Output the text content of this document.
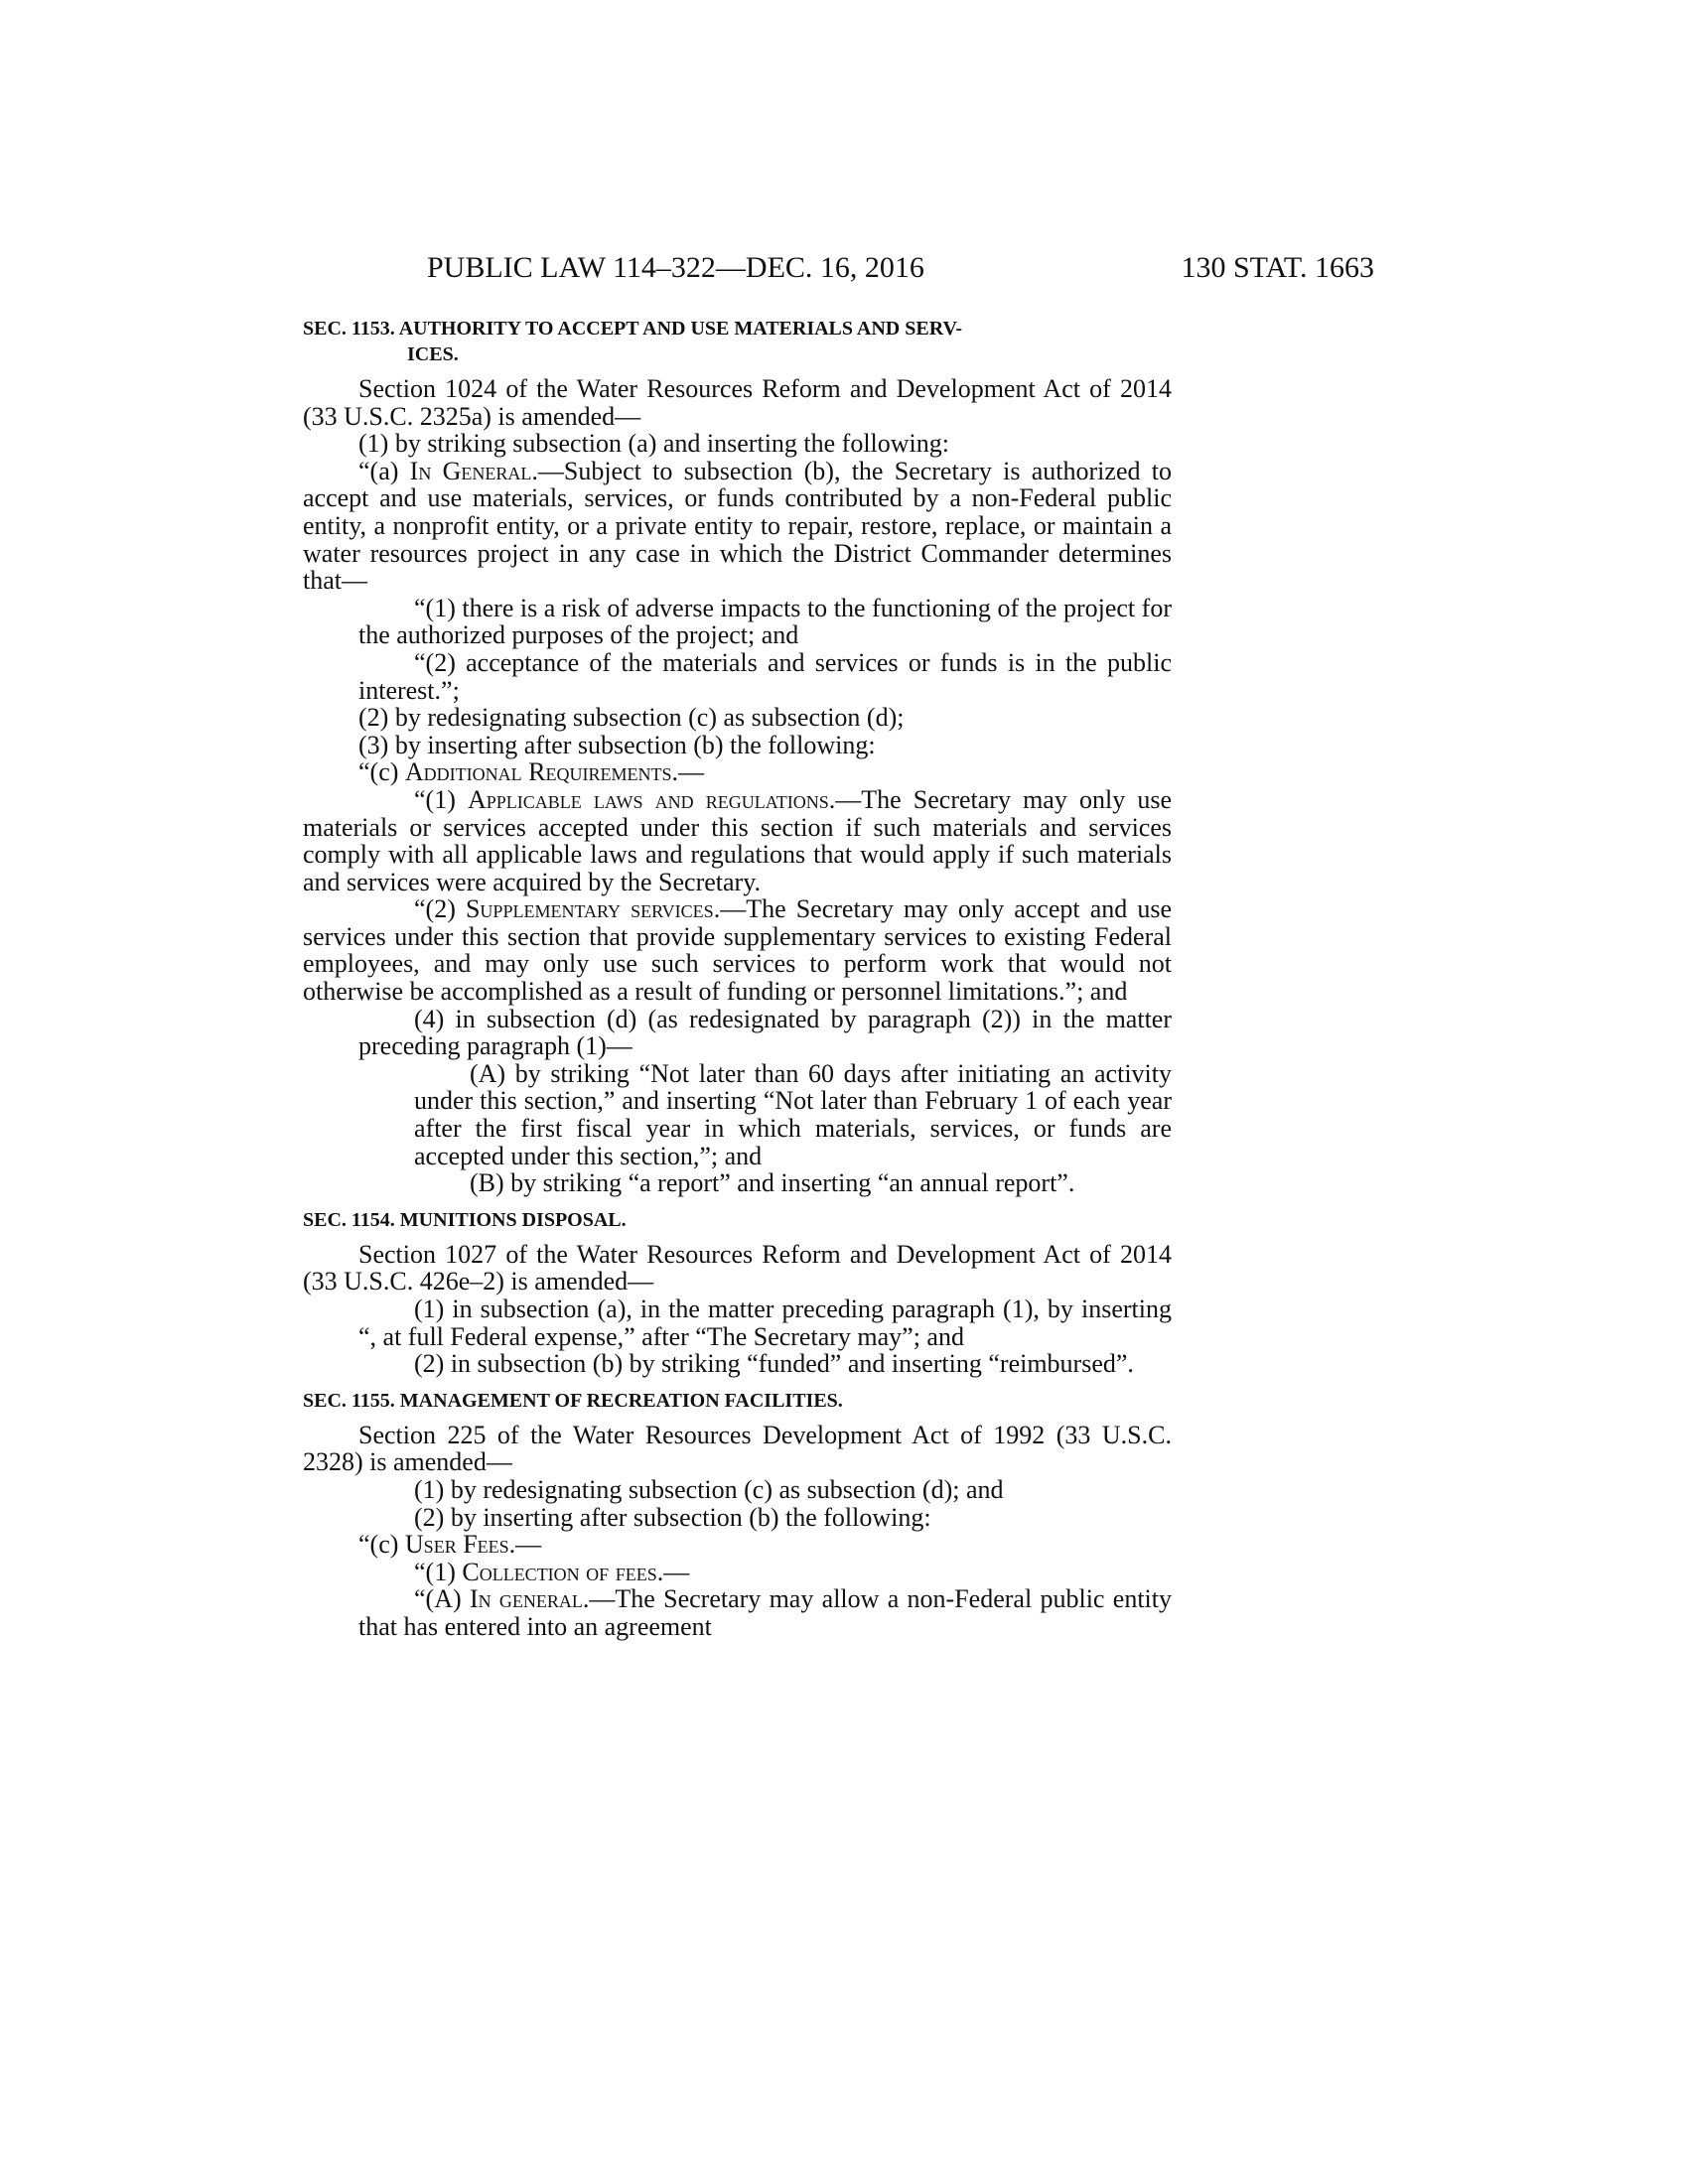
PUBLIC LAW 114–322—DEC. 16, 2016	130 STAT. 1663

SEC. 1153. AUTHORITY TO ACCEPT AND USE MATERIALS AND SERV-
ICES.

Section 1024 of the Water Resources Reform and Development Act of 2014 (33 U.S.C. 2325a) is amended—

(1) by striking subsection (a) and inserting the following:

“(a) In General.—Subject to subsection (b), the Secretary is authorized to accept and use materials, services, or funds contributed by a non-Federal public entity, a nonprofit entity, or a private entity to repair, restore, replace, or maintain a water resources project in any case in which the District Commander determines that—

“(1) there is a risk of adverse impacts to the functioning of the project for the authorized purposes of the project; and

“(2) acceptance of the materials and services or funds is in the public interest.”;

(2) by redesignating subsection (c) as subsection (d);

(3) by inserting after subsection (b) the following:

“(c) Additional Requirements.—

“(1) Applicable laws and regulations.—The Secretary may only use materials or services accepted under this section if such materials and services comply with all applicable laws and regulations that would apply if such materials and services were acquired by the Secretary.

“(2) Supplementary services.—The Secretary may only accept and use services under this section that provide supplementary services to existing Federal employees, and may only use such services to perform work that would not otherwise be accomplished as a result of funding or personnel limitations.”; and

(4) in subsection (d) (as redesignated by paragraph (2)) in the matter preceding paragraph (1)—

(A) by striking “Not later than 60 days after initiating an activity under this section,” and inserting “Not later than February 1 of each year after the first fiscal year in which materials, services, or funds are accepted under this section,”; and

(B) by striking “a report” and inserting “an annual report”.

SEC. 1154. MUNITIONS DISPOSAL.

Section 1027 of the Water Resources Reform and Development Act of 2014 (33 U.S.C. 426e–2) is amended—

(1) in subsection (a), in the matter preceding paragraph (1), by inserting “, at full Federal expense,” after “The Secretary may”; and

(2) in subsection (b) by striking “funded” and inserting “reimbursed”.

SEC. 1155. MANAGEMENT OF RECREATION FACILITIES.

Section 225 of the Water Resources Development Act of 1992 (33 U.S.C. 2328) is amended—

(1) by redesignating subsection (c) as subsection (d); and

(2) by inserting after subsection (b) the following:

“(c) User Fees.—

“(1) Collection of fees.—

“(A) In general.—The Secretary may allow a non-Federal public entity that has entered into an agreement
